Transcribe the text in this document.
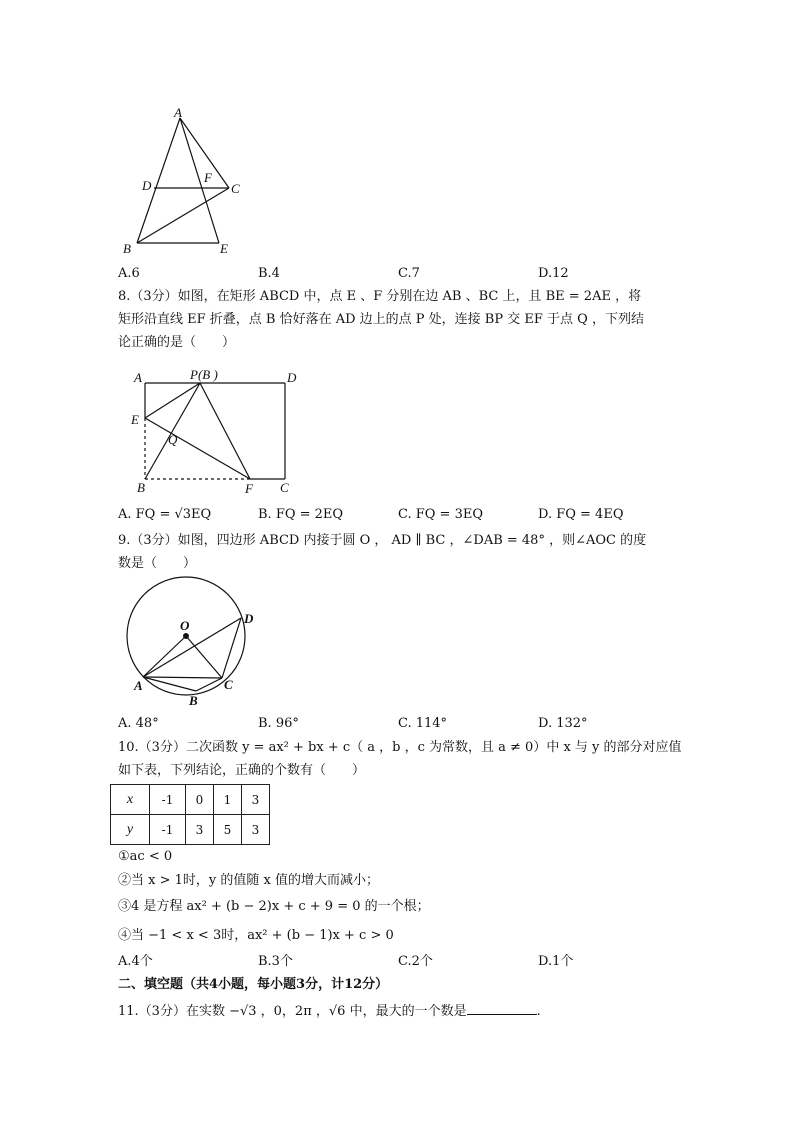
A
D
F
C
B	E
A	P(B )	D
E
Q
B	F C
O	D
A	C
B
A.6	B.4	C.7	D.12
8.（3分）如图，在矩形 ABCD 中，点 E 、F 分别在边 AB 、BC 上，且 BE = 2AE ，将
矩形沿直线 EF 折叠，点 B 恰好落在 AD 边上的点 P 处，连接 BP 交 EF 于点 Q ，下列结
论正确的是（　　）
A. FQ = √3EQ	B. FQ = 2EQ	C. FQ = 3EQ	D. FQ = 4EQ
9.（3分）如图，四边形 ABCD 内接于圆 O ， AD ∥ BC ，∠DAB = 48° ，则∠AOC 的度
数是（　　）
A. 48°	B. 96°	C. 114°	D. 132°
10.（3分）二次函数 y = ax² + bx + c（ a ，b ，c 为常数，且 a ≠ 0）中 x 与 y 的部分对应值
如下表，下列结论，正确的个数有（　　）
x	-1	0	1	3
y	-1	3	5	3
①ac < 0
②当 x > 1时，y 的值随 x 值的增大而减小；
③4 是方程 ax² + (b − 2)x + c + 9 = 0 的一个根；
④当 −1 < x < 3时，ax² + (b − 1)x + c > 0
A.4个	B.3个	C.2个	D.1个
二、填空题（共4小题，每小题3分，计12分）
11.（3分）在实数 −√3 ，0，2π ，√6 中，最大的一个数是	.
